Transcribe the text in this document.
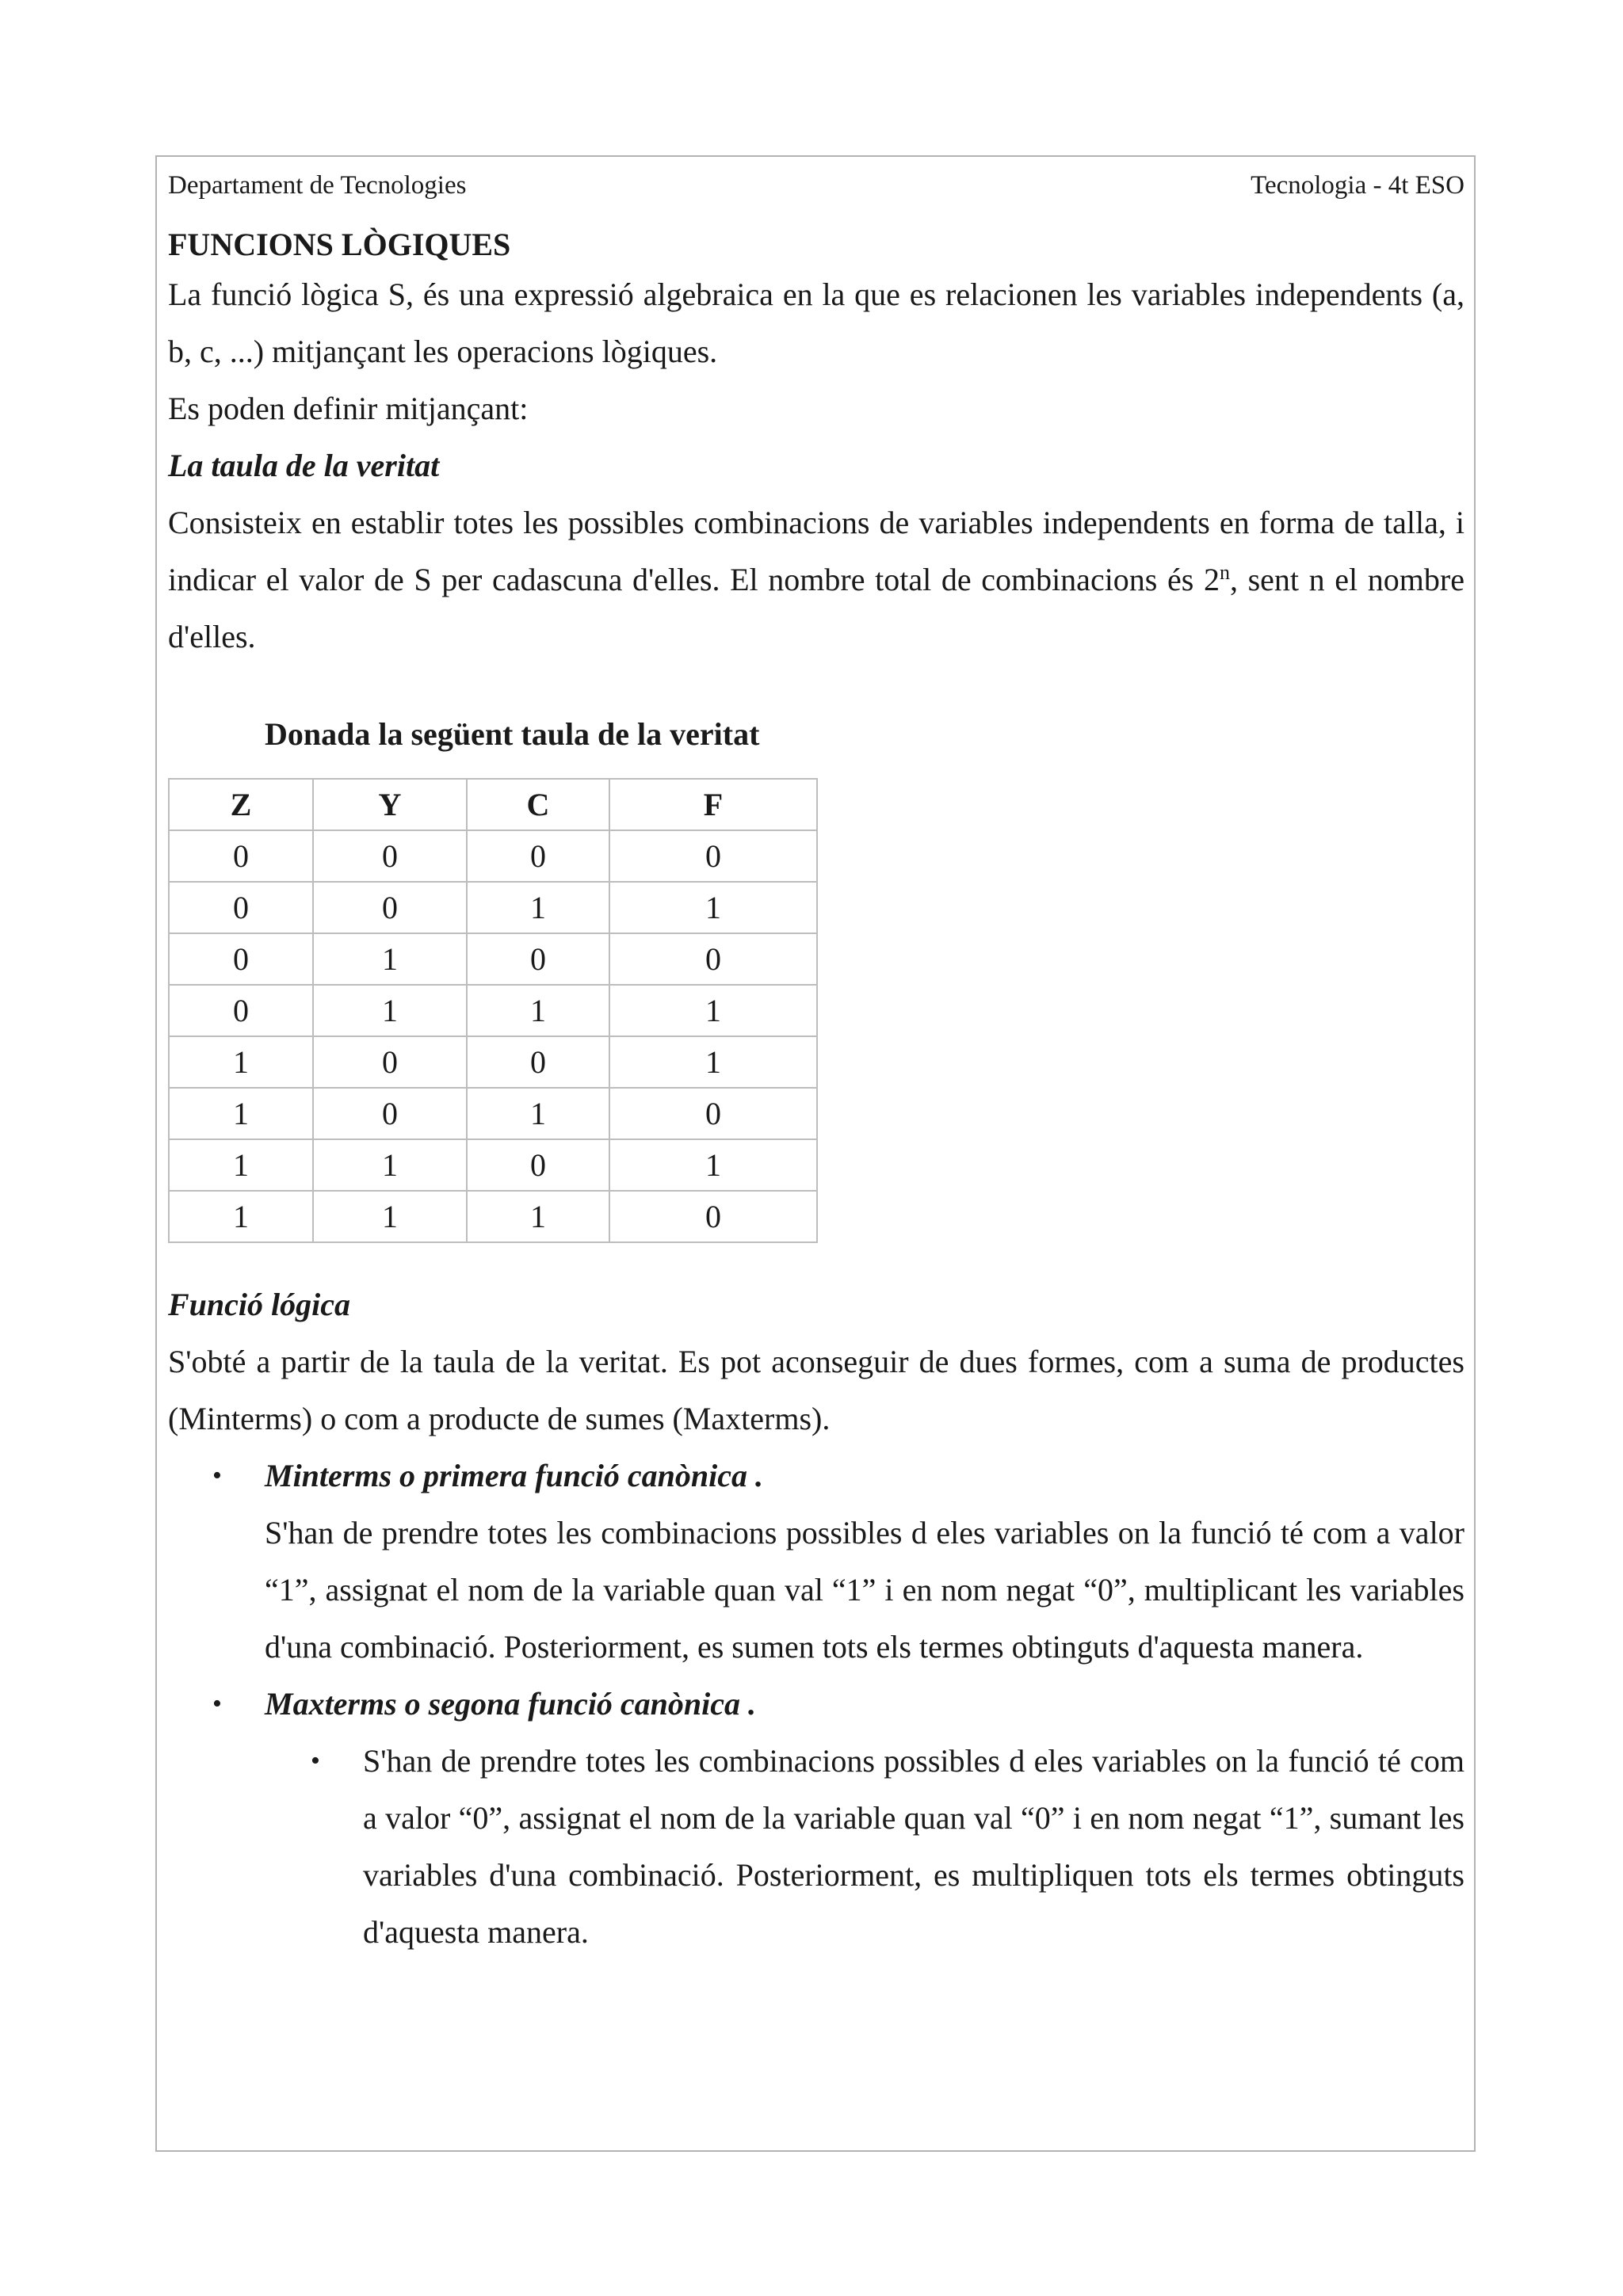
Departament de Tecnologies	Tecnologia - 4t ESO
FUNCIONS LÒGIQUES

La funció lògica S, és una expressió algebraica en la que es relacionen les variables independents (a, b, c, ...) mitjançant les operacions lògiques.

Es poden definir mitjançant:

La taula de la veritat

Consisteix en establir totes les possibles combinacions de variables independents en forma de talla, i indicar el valor de S per cadascuna d'elles. El nombre total de combinacions és 2$^n$, sent n el nombre d'elles.

Donada la següent taula de la veritat
Z	Y	C	F
0	0	0	0
0	0	1	1
0	1	0	0
0	1	1	1
1	0	0	1
1	0	1	0
1	1	0	1
1	1	1	0
Funció lógica

S'obté a partir de la taula de la veritat. Es pot aconseguir de dues formes, com a suma de productes (Minterms) o com a producte de sumes (Maxterms).

• Minterms o primera funció canònica .

S'han de prendre totes les combinacions possibles d eles variables on la funció té com a valor “1”, assignat el nom de la variable quan val “1” i en nom negat “0”, multiplicant les variables d'una combinació. Posteriorment, es sumen tots els termes obtinguts d'aquesta manera.

• Maxterms o segona funció canònica .
• S'han de prendre totes les combinacions possibles d eles variables on la funció té com a valor “0”, assignat el nom de la variable quan val “0” i en nom negat “1”, sumant les variables d'una combinació. Posteriorment, es multipliquen tots els termes obtinguts d'aquesta manera.
